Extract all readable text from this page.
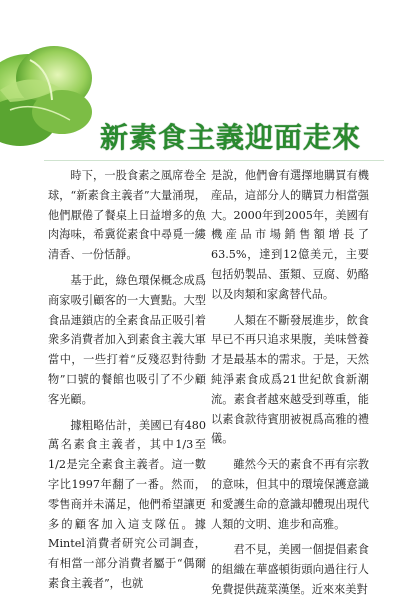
新素食主義迎面走來

時下，一股食素之風席卷全球，“新素食主義者”大量涌現，他們厭倦了餐桌上日益增多的魚肉海味，希冀從素食中尋覓一縷清香、一份恬靜。

基于此，綠色環保概念成爲商家吸引顧客的一大賣點。大型食品連鎖店的全素食品正吸引着衆多消費者加入到素食主義大軍當中，一些打着“反殘忍對待動物”口號的餐館也吸引了不少顧客光顧。

據粗略估計，美國已有480萬名素食主義者，其中1/3至1/2是完全素食主義者。這一數字比1997年翻了一番。然而，零售商并未滿足，他們希望讓更多的顧客加入這支隊伍。據Mintel消費者研究公司調查，有相當一部分消費者屬于“偶爾素食主義者”，也就

是說，他們會有選擇地購買有機産品，這部分人的購買力相當强大。2000年到2005年，美國有機産品市場銷售額增長了63.5%，達到12億美元，主要包括奶製品、蛋類、豆腐、奶酪以及肉類和家禽替代品。

人類在不斷發展進步，飲食早已不再只追求果腹，美味營養才是最基本的需求。于是，天然純淨素食成爲21世紀飲食新潮流。素食者越來越受到尊重，能以素食款待賓朋被視爲高雅的禮儀。

雖然今天的素食不再有宗教的意味，但其中的環境保護意識和愛護生命的意識却體現出現代人類的文明、進步和高雅。

君不見，美國一個提倡素食的組織在華盛頓街頭向過往行人免費提供蔬菜漢堡。近來來美對
